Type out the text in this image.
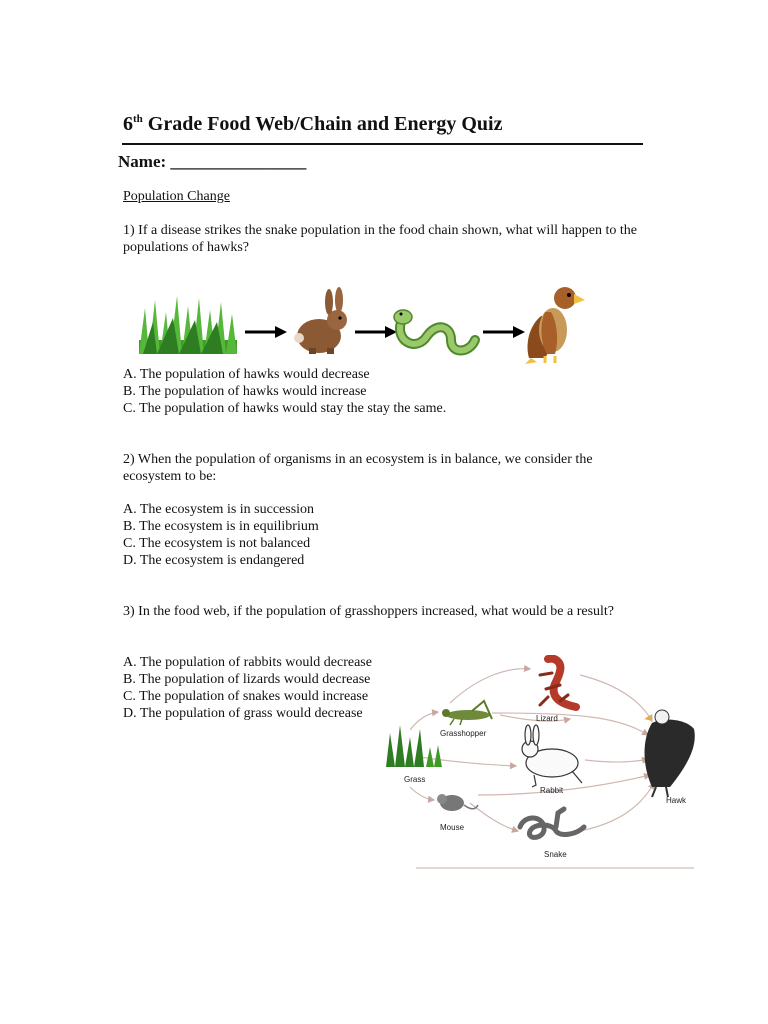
6th Grade Food Web/Chain and Energy Quiz
Name: ________________
Population Change
1) If a disease strikes the snake population in the food chain shown, what will happen to the populations of hawks?
A. The population of hawks would decrease
B. The population of hawks would increase
C. The population of hawks would stay the stay the same.
2) When the population of organisms in an ecosystem is in balance, we consider the ecosystem to be:
A. The ecosystem is in succession
B. The ecosystem is in equilibrium
C. The ecosystem is not balanced
D. The ecosystem is endangered
3) In the food web, if the population of grasshoppers increased, what would be a result?
A. The population of rabbits would decrease
B. The population of lizards would decrease
C. The population of snakes would increase
D. The population of grass would decrease
Grass
Grasshopper
Lizard
Rabbit
Mouse
Snake
Hawk
